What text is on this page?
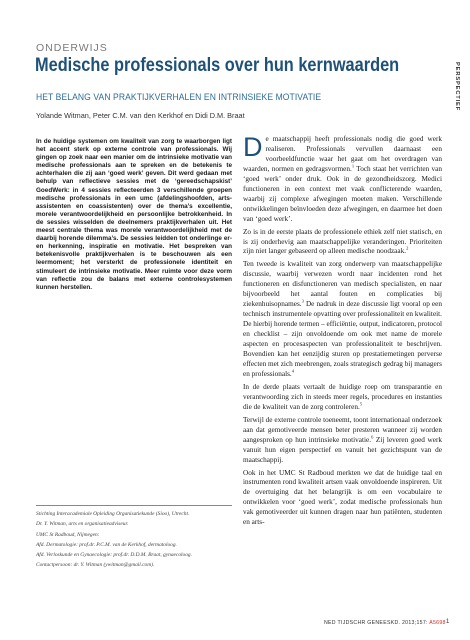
ONDERWIJS
Medische professionals over hun kernwaarden
HET BELANG VAN PRAKTIJKVERHALEN EN INTRINSIEKE MOTIVATIE
Yolande Witman, Peter C.M. van den Kerkhof en Didi D.M. Braat
PERSPECTIEF
In de huidige systemen om kwaliteit van zorg te waarborgen ligt het accent sterk op externe controle van professionals. Wij gingen op zoek naar een manier om de intrinsieke motivatie van medische professionals aan te spreken en de betekenis te achterhalen die zij aan ‘goed werk’ geven. Dit werd gedaan met behulp van reflectieve sessies met de ‘gereedschapskist’ GoedWerk: in 4 sessies reflecteerden 3 verschillende groepen medische professionals in een umc (afdelingshoofden, arts-assistenten en coassistenten) over de thema’s excellentie, morele verantwoordelijkheid en persoonlijke betrokkenheid. In de sessies wisselden de deelnemers praktijkverhalen uit. Het meest centrale thema was morele verantwoordelijkheid met de daarbij horende dilemma’s. De sessies leidden tot onderlinge er- en herkenning, inspiratie en motivatie. Het bespreken van betekenisvolle praktijkverhalen is te beschouwen als een leermoment; het versterkt de professionele identiteit en stimuleert de intrinsieke motivatie. Meer ruimte voor deze vorm van reflectie zou de balans met externe controlesystemen kunnen herstellen.

Stichting Interacademiale Opleiding Organisatiekunde (Sioo), Utrecht.

Dr. Y. Witman, arts en organisatieadviseur.

UMC St Radboud, Nijmegen:

Afd. Dermatologie: prof.dr. P.C.M. van de Kerkhof, dermatoloog.

Afd. Verloskunde en Gynaecologie: prof.dr. D.D.M. Braat, gynaecoloog.

Contactpersoon: dr. Y. Witman (ywitman@gmail.com).

De maatschappij heeft professionals nodig die goed werk realiseren. Professionals vervullen daarnaast een voorbeeldfunctie waar het gaat om het overdragen van waarden, normen en gedragsvormen.$^1$ Toch staat het verrichten van ‘goed werk’ onder druk. Ook in de gezondheidszorg. Medici functioneren in een context met vaak conflicterende waarden, waarbij zij complexe afwegingen moeten maken. Verschillende ontwikkelingen beïnvloeden deze afwegingen, en daarmee het doen van ‘goed werk’.

Zo is in de eerste plaats de professionele ethiek zelf niet statisch, en is zij onderhevig aan maatschappelijke veranderingen. Prioriteiten zijn niet langer gebaseerd op alleen medische noodzaak.$^2$

Ten tweede is kwaliteit van zorg onderwerp van maatschappelijke discussie, waarbij verwezen wordt naar incidenten rond het functioneren en disfunctioneren van medisch specialisten, en naar bijvoorbeeld het aantal fouten en complicaties bij ziekenhuisopnames.$^3$ De nadruk in deze discussie ligt vooral op een technisch instrumentele opvatting over professionaliteit en kwaliteit. De hierbij horende termen – efficiëntie, output, indicatoren, protocol en checklist – zijn onvoldoende om ook met name de morele aspecten en procesaspecten van professionaliteit te beschrijven. Bovendien kan het eenzijdig sturen op prestatiemetingen perverse effecten met zich meebrengen, zoals strategisch gedrag bij managers en professionals.$^4$

In de derde plaats vertaalt de huidige roep om transparantie en verantwoording zich in steeds meer regels, procedures en instanties die de kwaliteit van de zorg controleren.$^5$

Terwijl de externe controle toeneemt, toont internationaal onderzoek aan dat gemotiveerde mensen beter presteren wanneer zij worden aangesproken op hun intrinsieke motivatie.$^6$ Zij leveren goed werk vanuit hun eigen perspectief en vanuit het gezichtspunt van de maatschappij.

Ook in het UMC St Radboud merkten we dat de huidige taal en instrumenten rond kwaliteit artsen vaak onvoldoende inspireren. Uit de overtuiging dat het belangrijk is om een vocabulaire te ontwikkelen voor ‘goed werk’, zodat medische professionals hun vak gemotiveerder uit kunnen dragen naar hun patiënten, studenten en arts-

NED TIJDSCHR GENEESKD. 2013;157: A5698 1
